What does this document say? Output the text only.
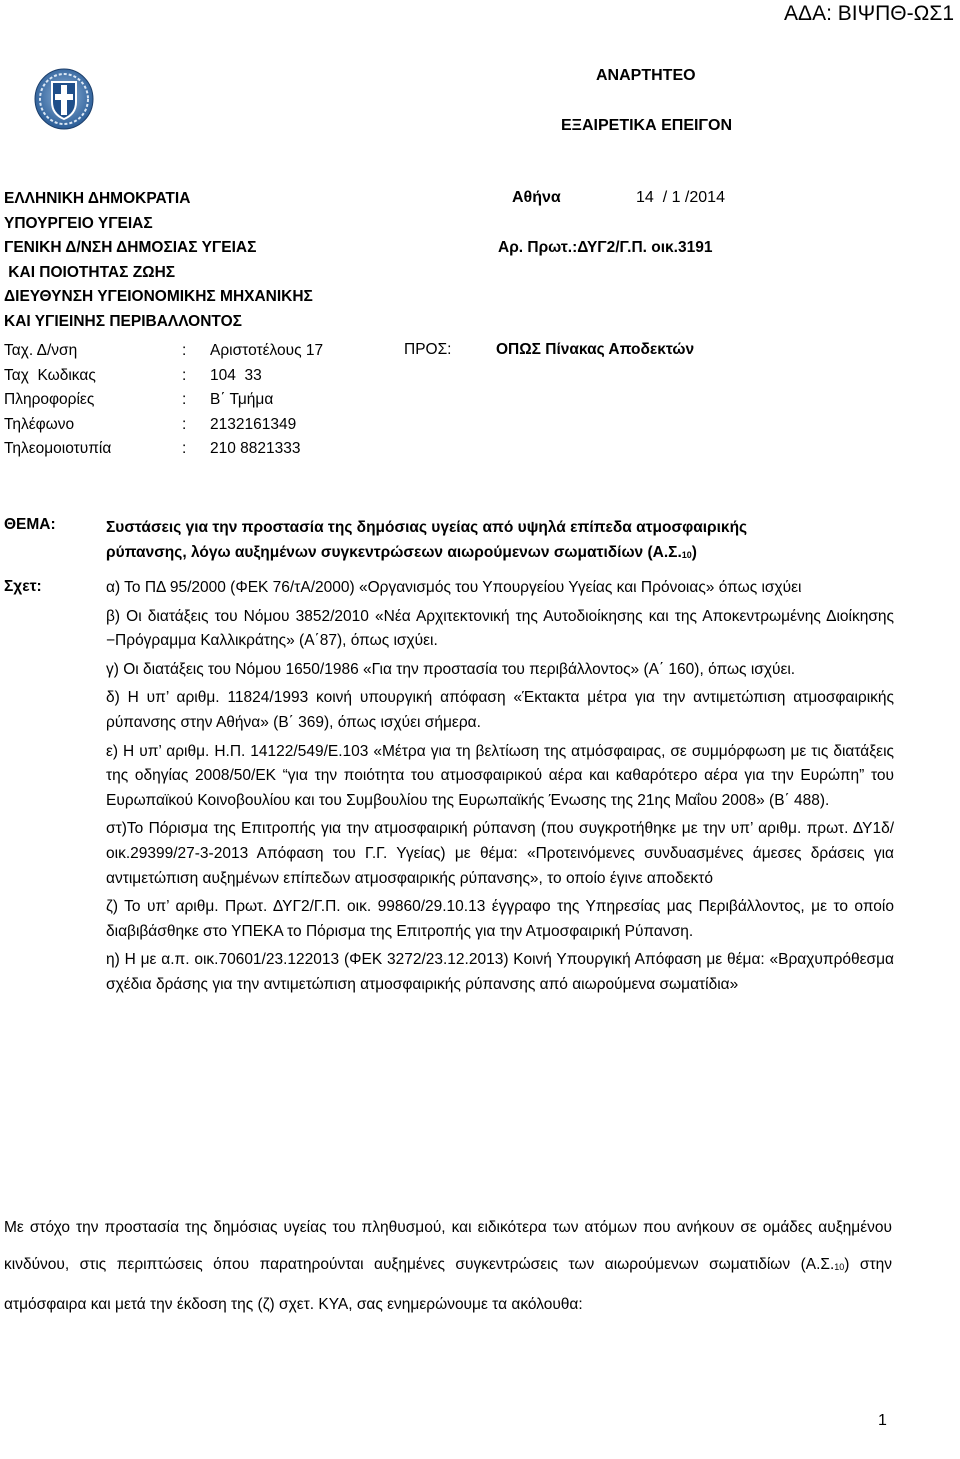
ΑΔΑ: ΒΙΨΠΘ-ΩΣ1
ΑΝΑΡΤΗΤΕΟ
ΕΞΑΙΡΕΤΙΚΑ ΕΠΕΙΓΟΝ
ΕΛΛΗΝΙΚΗ ΔΗΜΟΚΡΑΤΙΑ
ΥΠΟΥΡΓΕΙΟ ΥΓΕΙΑΣ
ΓΕΝΙΚΗ Δ/ΝΣΗ ΔΗΜΟΣΙΑΣ ΥΓΕΙΑΣ
ΚΑΙ ΠΟΙΟΤΗΤΑΣ ΖΩΗΣ
ΔΙΕΥΘΥΝΣΗ ΥΓΕΙΟΝΟΜΙΚΗΣ ΜΗΧΑΝΙΚΗΣ
ΚΑΙ ΥΓΙΕΙΝΗΣ ΠΕΡΙΒΑΛΛΟΝΤΟΣ
Αθήνα	14  / 1 /2014
Αρ. Πρωτ.:ΔΥΓ2/Γ.Π. οικ.3191
Ταχ. Δ/νση	: Αριστοτέλους 17
Ταχ  Κωδικας	: 104  33
Πληροφορίες	: Β΄ Τμήμα
Τηλέφωνο	: 2132161349
Τηλεομοιοτυπία	: 210 8821333
ΠΡΟΣ:	ΟΠΩΣ Πίνακας Αποδεκτών
ΘΕΜΑ:	Συστάσεις για την προστασία της δημόσιας υγείας από υψηλά επίπεδα ατμοσφαιρικής
ρύπανσης, λόγω αυξημένων συγκεντρώσεων αιωρούμενων σωματιδίων $(A.\Sigma._{10})$
Σχετ:	α) Το ΠΔ 95/2000 (ΦΕΚ 76/τΑ/2000) «Οργανισμός του Υπουργείου Υγείας και Πρόνοιας» όπως ισχύει

β) Οι διατάξεις του Νόμου 3852/2010 «Νέα Αρχιτεκτονική της Αυτοδιοίκησης και της Αποκεντρωμένης Διοίκησης −Πρόγραμμα Καλλικράτης» (Α΄87), όπως ισχύει.

γ) Οι διατάξεις του Νόμου 1650/1986 «Για την προστασία του περιβάλλοντος» (Α΄ 160), όπως ισχύει.

δ) Η υπ’ αριθμ. 11824/1993 κοινή υπουργική απόφαση «Έκτακτα μέτρα για την αντιμετώπιση ατμοσφαιρικής ρύπανσης στην Αθήνα» (Β΄ 369), όπως ισχύει σήμερα.

ε) Η υπ’ αριθμ. Η.Π. 14122/549/Ε.103 «Μέτρα για τη βελτίωση της ατμόσφαιρας, σε συμμόρφωση με τις διατάξεις της οδηγίας 2008/50/ΕΚ “για την ποιότητα του ατμοσφαιρικού αέρα και καθαρότερο αέρα για την Ευρώπη” του Ευρωπαϊκού Κοινοβουλίου και του Συμβουλίου της Ευρωπαϊκής Ένωσης της 21ης Μαΐου 2008» (Β΄ 488).

στ)Το Πόρισμα της Επιτροπής για την ατμοσφαιρική ρύπανση (που συγκροτήθηκε με την υπ’ αριθμ. πρωτ. ΔΥ1δ/οικ.29399/27-3-2013 Απόφαση του Γ.Γ. Υγείας) με θέμα: «Προτεινόμενες συνδυασμένες άμεσες δράσεις για αντιμετώπιση αυξημένων επίπεδων ατμοσφαιρικής ρύπανσης», το οποίο έγινε αποδεκτό

ζ) Το υπ’ αριθμ. Πρωτ. ΔΥΓ2/Γ.Π. οικ. 99860/29.10.13 έγγραφο της Υπηρεσίας μας Περιβάλλοντος, με το οποίο διαβιβάσθηκε στο ΥΠΕΚΑ το Πόρισμα της Επιτροπής για την Ατμοσφαιρική Ρύπανση.

η) Η με α.π. οικ.70601/23.122013 (ΦΕΚ 3272/23.12.2013) Κοινή Υπουργική Απόφαση με θέμα: «Βραχυπρόθεσμα σχέδια δράσης για την αντιμετώπιση ατμοσφαιρικής ρύπανσης από αιωρούμενα σωματίδια»

Με στόχο την προστασία της δημόσιας υγείας του πληθυσμού, και ειδικότερα των ατόμων που ανήκουν σε ομάδες αυξημένου κινδύνου, στις περιπτώσεις όπου παρατηρούνται αυξημένες συγκεντρώσεις των αιωρούμενων σωματιδίων $(A.\Sigma._{10})$ στην ατμόσφαιρα και μετά την έκδοση της (ζ) σχετ. ΚΥΑ, σας ενημερώνουμε τα ακόλουθα:

1
